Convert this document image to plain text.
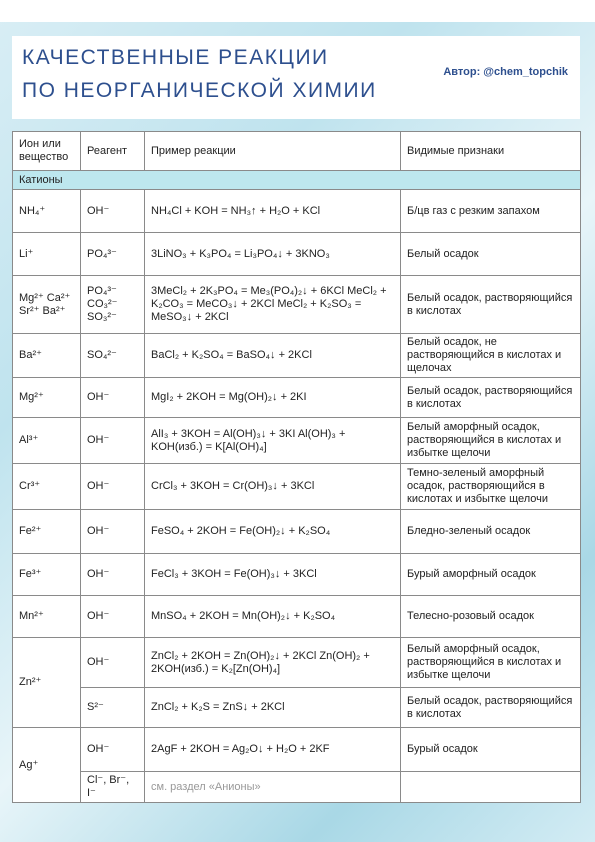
КАЧЕСТВЕННЫЕ РЕАКЦИИ
ПО НЕОРГАНИЧЕСКОЙ ХИМИИ
Автор: @chem_topchik
Ион или вещество	Реагент	Пример реакции	Видимые признаки
Катионы			
NH₄⁺	OH⁻	NH₄Cl + KOH = NH₃↑ + H₂O + KCl	Б/цв газ с резким запахом
Li⁺	PO₄³⁻	3LiNO₃ + K₃PO₄ = Li₃PO₄↓ + 3KNO₃	Белый осадок
Mg²⁺ Ca²⁺ Sr²⁺ Ba²⁺	PO₄³⁻ CO₃²⁻ SO₃²⁻	3MeCl₂ + 2K₃PO₄ = Me₃(PO₄)₂↓ + 6KCl MeCl₂ + K₂CO₃ = MeCO₃↓ + 2KCl MeCl₂ + K₂SO₃ = MeSO₃↓ + 2KCl	Белый осадок, растворяющийся в кислотах
Ba²⁺	SO₄²⁻	BaCl₂ + K₂SO₄ = BaSO₄↓ + 2KCl	Белый осадок, не растворяющийся в кислотах и щелочах
Mg²⁺	OH⁻	MgI₂ + 2KOH = Mg(OH)₂↓ + 2KI	Белый осадок, растворяющийся в кислотах
Al³⁺	OH⁻	AlI₃ + 3KOH = Al(OH)₃↓ + 3KI Al(OH)₃ + KOH(изб.) = K[Al(OH)₄]	Белый аморфный осадок, растворяющийся в кислотах и избытке щелочи
Cr³⁺	OH⁻	CrCl₃ + 3KOH = Cr(OH)₃↓ + 3KCl	Темно-зеленый аморфный осадок, растворяющийся в кислотах и избытке щелочи
Fe²⁺	OH⁻	FeSO₄ + 2KOH = Fe(OH)₂↓ + K₂SO₄	Бледно-зеленый осадок
Fe³⁺	OH⁻	FeCl₃ + 3KOH = Fe(OH)₃↓ + 3KCl	Бурый аморфный осадок
Mn²⁺	OH⁻	MnSO₄ + 2KOH = Mn(OH)₂↓ + K₂SO₄	Телесно-розовый осадок
Zn²⁺	OH⁻	ZnCl₂ + 2KOH = Zn(OH)₂↓ + 2KCl Zn(OH)₂ + 2KOH(изб.) = K₂[Zn(OH)₄]	Белый аморфный осадок, растворяющийся в кислотах и избытке щелочи
	S²⁻	ZnCl₂ + K₂S = ZnS↓ + 2KCl	Белый осадок, растворяющийся в кислотах
Ag⁺	OH⁻	2AgF + 2KOH = Ag₂O↓ + H₂O + 2KF	Бурый осадок
	Cl⁻, Br⁻, I⁻	см. раздел «Анионы»	
